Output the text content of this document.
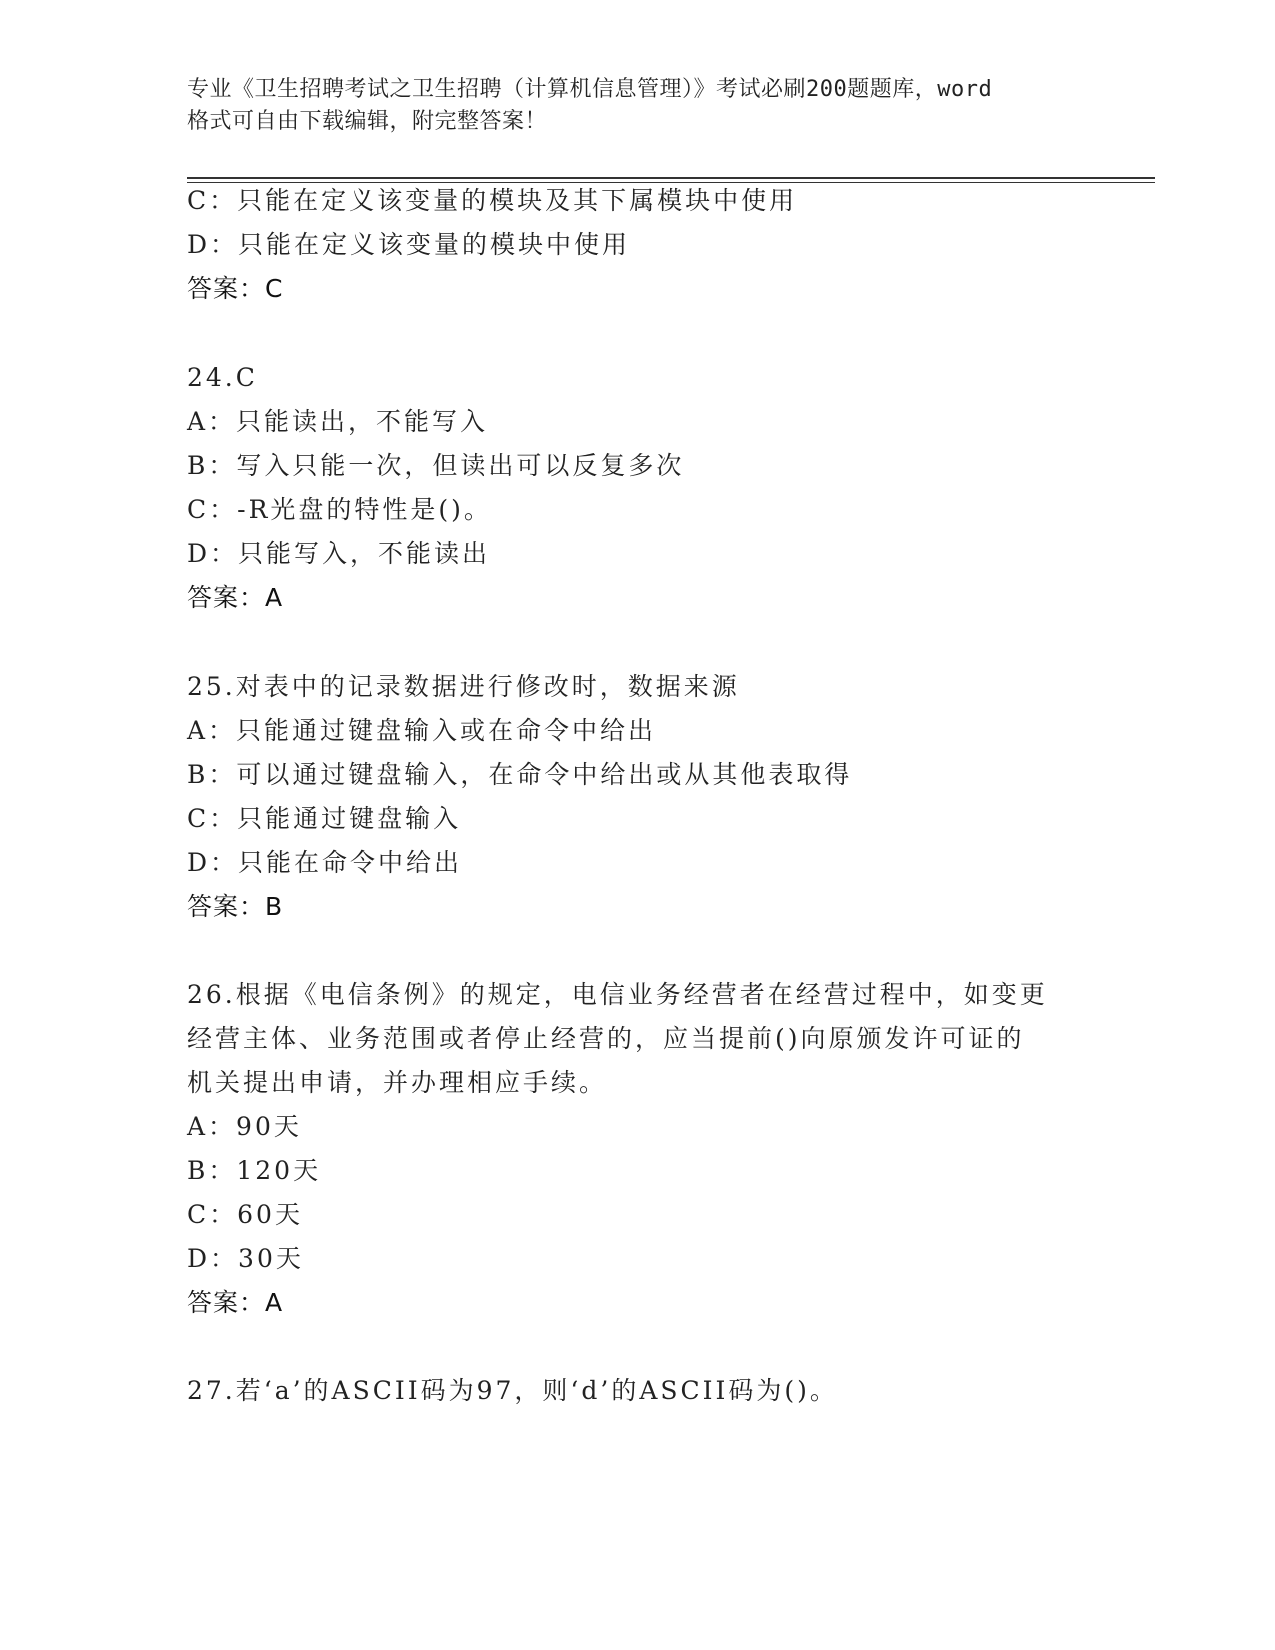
专业《卫生招聘考试之卫生招聘（计算机信息管理）》考试必刷200题题库，word
格式可自由下载编辑，附完整答案！
C：只能在定义该变量的模块及其下属模块中使用
D：只能在定义该变量的模块中使用
答案：C
24.C
A：只能读出，不能写入
B：写入只能一次，但读出可以反复多次
C：-R光盘的特性是()。
D：只能写入，不能读出
答案：A
25.对表中的记录数据进行修改时，数据来源
A：只能通过键盘输入或在命令中给出
B：可以通过键盘输入，在命令中给出或从其他表取得
C：只能通过键盘输入
D：只能在命令中给出
答案：B
26.根据《电信条例》的规定，电信业务经营者在经营过程中，如变更
经营主体、业务范围或者停止经营的，应当提前()向原颁发许可证的
机关提出申请，并办理相应手续。
A：90天
B：120天
C：60天
D：30天
答案：A
27.若‘a’的ASCII码为97，则‘d’的ASCII码为()。
